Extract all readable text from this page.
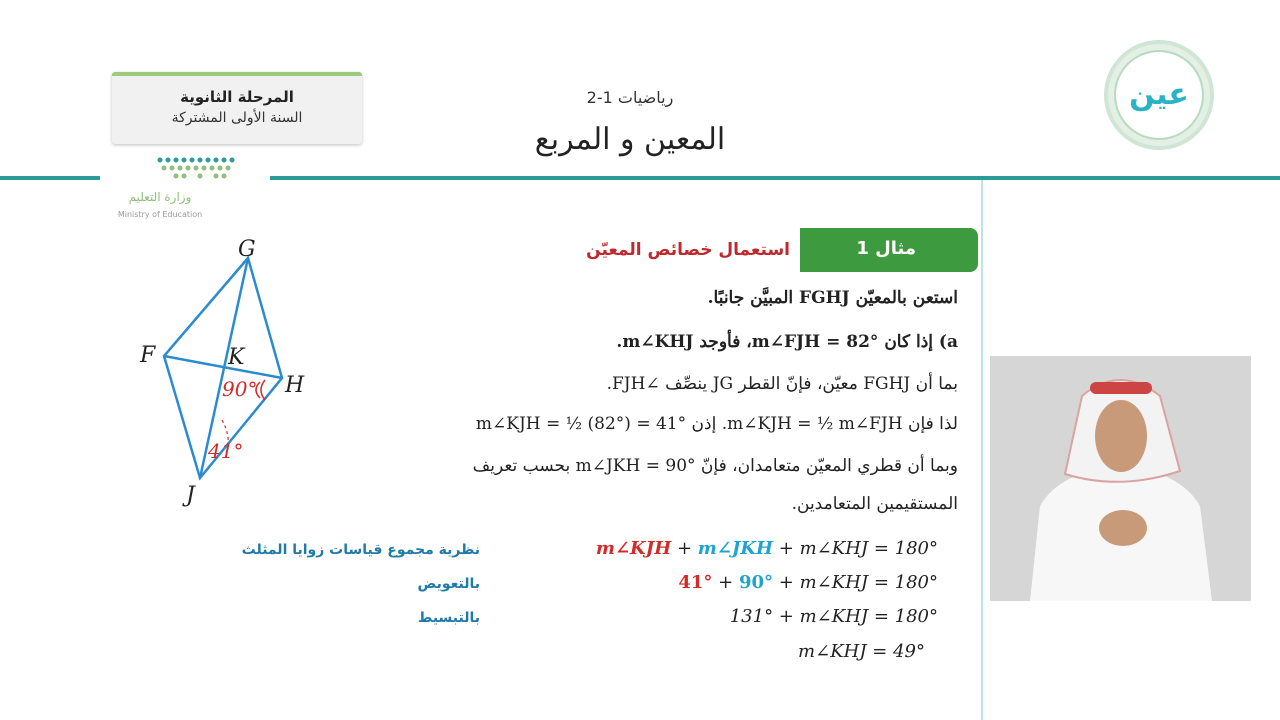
المرحلة الثانوية
السنة الأولى المشتركة
رياضيات 1-2
المعين و المربع
وزارة التعليم
Ministry of Education
عين
مثال 1
استعمال خصائص المعيّن
G
F	K
H
J
90°
41°
استعن بالمعيّن FGHJ المبيَّن جانبًا.
a) إذا كان m∠FJH = 82°، فأوجد m∠KHJ.
بما أن FGHJ معيّن، فإنّ القطر JG ينصِّف ∠FJH.
لذا فإن m∠KJH = ½ m∠FJH. إذن m∠KJH = ½ (82°) = 41°
وبما أن قطري المعيّن متعامدان، فإنّ m∠JKH = 90° بحسب تعريف
المستقيمين المتعامدين.
m∠KJH + m∠JKH + m∠KHJ = 180°
نظرية مجموع قياسات زوايا المثلث
41° + 90° + m∠KHJ = 180°
بالتعويض
131° + m∠KHJ = 180°
بالتبسيط
m∠KHJ = 49°
